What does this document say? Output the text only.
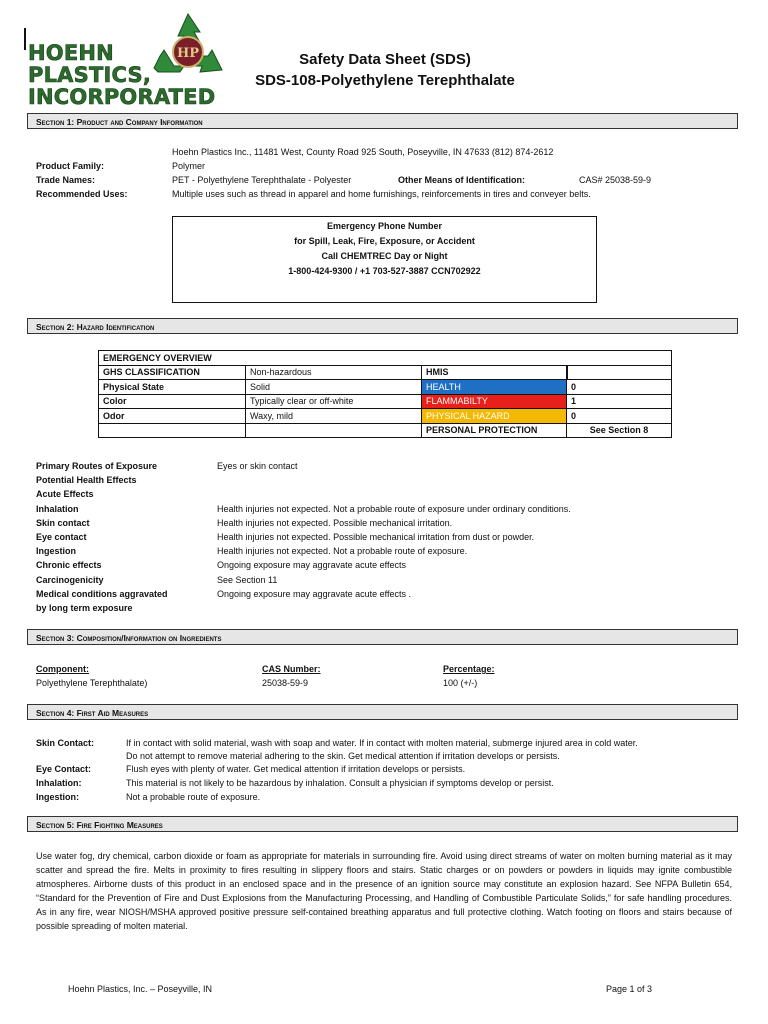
HOEHN
PLASTICS,
INCORPORATED
HP	Safety Data Sheet (SDS)
SDS-108-Polyethylene Terephthalate
Section 1: Product and Company Information
Hoehn Plastics Inc., 11481 West, County Road 925 South, Poseyville, IN 47633 (812) 874-2612
Product Family:	Polymer
Trade Names:	PET - Polyethylene Terephthalate - Polyester	Other Means of Identification:	CAS# 25038-59-9
Recommended Uses:	Multiple uses such as thread in apparel and home furnishings, reinforcements in tires and conveyer belts.
Emergency Phone Number
for Spill, Leak, Fire, Exposure, or Accident
Call CHEMTREC Day or Night
1-800-424-9300 / +1 703-527-3887 CCN702922
Section 2: Hazard Identification
EMERGENCY OVERVIEW			
GHS CLASSIFICATION	Non-hazardous	HMIS		
Physical State	Solid	HEALTH	0
Color	Typically clear or off-white	FLAMMABILTY	1
Odor	Waxy, mild	PHYSICAL HAZARD	0
		PERSONAL PROTECTION	See Section 8
Primary Routes of Exposure	Eyes or skin contact
Potential Health Effects
Acute Effects
Inhalation	Health injuries not expected. Not a probable route of exposure under ordinary conditions.
Skin contact	Health injuries not expected. Possible mechanical irritation.
Eye contact	Health injuries not expected. Possible mechanical irritation from dust or powder.
Ingestion	Health injuries not expected. Not a probable route of exposure.
Chronic effects	Ongoing exposure may aggravate acute effects
Carcinogenicity	See Section 11
Medical conditions aggravated	Ongoing exposure may aggravate acute effects .
by long term exposure
Section 3: Composition/Information on Ingredients
Component:	CAS Number:	Percentage:
Polyethylene Terephthalate)	25038-59-9	100 (+/-)
Section 4: First Aid Measures
Skin Contact:	If in contact with solid material, wash with soap and water. If in contact with molten material, submerge injured area in cold water.
Do not attempt to remove material adhering to the skin. Get medical attention if irritation develops or persists.
Eye Contact:	Flush eyes with plenty of water. Get medical attention if irritation develops or persists.
Inhalation:	This material is not likely to be hazardous by inhalation. Consult a physician if symptoms develop or persist.
Ingestion:	Not a probable route of exposure.
Section 5: Fire Fighting Measures
Use water fog, dry chemical, carbon dioxide or foam as appropriate for materials in surrounding fire. Avoid using direct streams of water on molten burning material as it may scatter and spread the fire. Melts in proximity to fires resulting in slippery floors and stairs. Static charges or on powders or powders in liquids may ignite combustible atmospheres. Airborne dusts of this product in an enclosed space and in the presence of an ignition source may constitute an explosion hazard. See NFPA Bulletin 654, “Standard for the Prevention of Fire and Dust Explosions from the Manufacturing Processing, and Handling of Combustible Particulate Solids,” for safe handling procedures. As in any fire, wear NIOSH/MSHA approved positive pressure self-contained breathing apparatus and full protective clothing. Watch footing on floors and stairs because of possible spreading of molten material.
Hoehn Plastics, Inc. – Poseyville, IN	Page 1 of 3
